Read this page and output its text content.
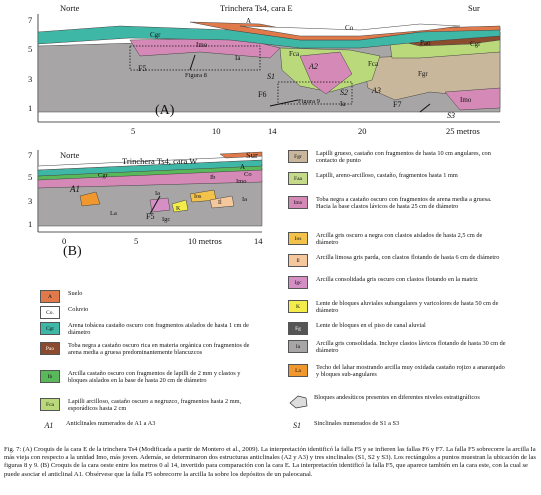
Norte	Trinchera Ts4, cara E	Sur
(A)
7
5
3
1
5	10	14	20	25 metros
A
Co
Cgr
Imo
Ia	Fca
Fgr
Fca
Pao
Imo
Ia
Cgr
F5
F6
F7
S1
A2
S2	A3
S3
Figura 8
Figura 9
Norte
Trinchera Ts4, cara W
Sur
(B)
7
5
3
1
0	5	10 metros	14
A
Co
Cgr	Ib
Imo
Ia
La
Igc
K
Ios
Il	Ia
F5
A1
A	Suelo
Co.	Coluvio
Cgr	Arena tobácea castaño oscuro con fragmentos aislados de hasta 1 cm de diámetro
Pao	Toba negra a castaño oscuro rica en materia orgánica con fragmentos de arena media a gruesa predominantemente blancuzcos
Ib	Arcilla castaño oscuro con fragmentos de lapilli de 2 mm y clastos y bloques aislados en la base de hasta 20 cm de diámetro
Fca	Lapilli arcilloso, castaño oscuro a negruzco, fragmentos hasta 2 mm, esporádicos hasta 2 cm
A1	Anticlinales numerados de A1 a A3
Fgr	Lapilli grueso, castaño con fragmentos de hasta 10 cm angulares, con contacto de punto
Faa	Lapilli, areno-arcilloso, castaño, fragmentos hasta 1 mm
Imo	Toba negra a castaño oscuro con fragmentos de arena media a gruesa. Hacia la base clastos lávicos de hasta 25 cm de diámetro
Ios	Arcilla gris oscuro a negra con clastos aislados de hasta 2,5 cm de diámetro
Il	Arcilla limosa gris parda, con clastos flotando de hasta 6 cm de diámetro
Igc	Arcilla consolidada gris oscuro con clastos flotando en la matriz
K	Lente de bloques aluviales subangulares y varicolores de hasta 50 cm de diámetro
Fg	Lente de bloques en el piso de canal aluvial
Ia	Arcilla gris consolidada. Incluye clastos lávicos flotando de hasta 30 cm de diámetro
La	Techo del lahar mostrando arcilla muy oxidada castaño rojizo a anaranjado y bloques sub-angulares
Bloques andesíticos presentes en diferentes niveles estratigráficos
S1	Sinclinales numerados de S1 a S3
Fig. 7: (A) Croquis de la cara E de la trinchera Ts4 (Modificada a partir de Montero et al., 2009). La interpretación identificó la falla F5 y se infieren las fallas F6 y F7. La falla F5 sobrecorre la arcilla Ia más vieja con respecto a la unidad Imo, más joven. Además, se determinaron dos estructuras anticlinales (A2 y A3) y tres sinclinales (S1, S2 y S3). Los rectángulos a puntos muestran la ubicación de las figuras 8 y 9. (B) Croquis de la cara oeste entre los metros 0 al 14, invertido para comparación con la cara E. La interpretación identificó la falla F5, que aparece también en la cara este, con la cual se puede asociar el anticlinal A1. Obsérvese que la falla F5 sobrecorre la arcilla Ia sobre los depósitos de un paleocanal.
